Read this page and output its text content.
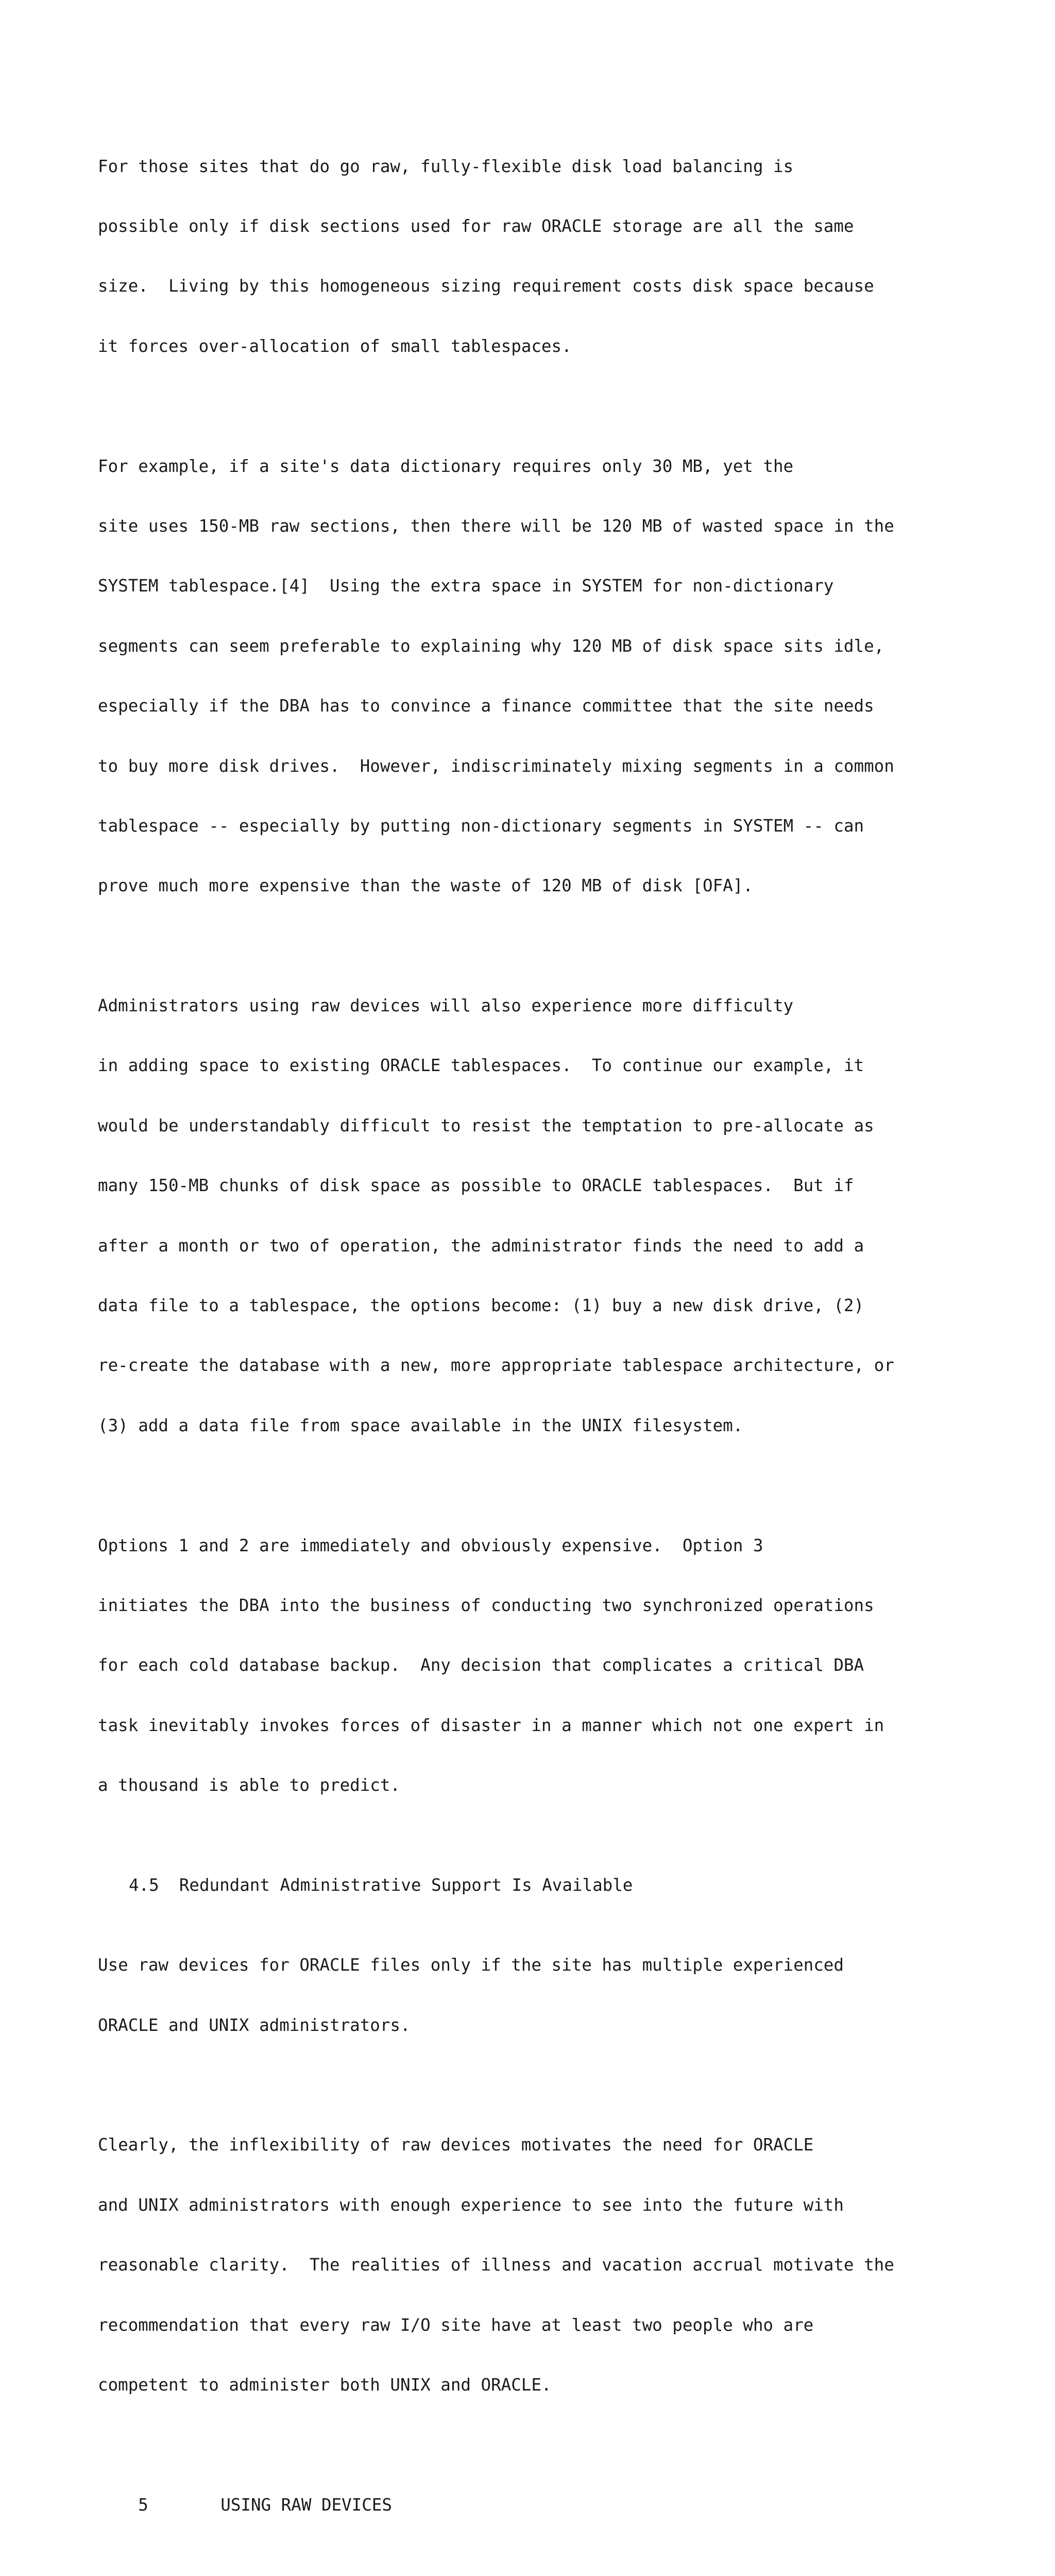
For those sites that do go raw, fully-flexible disk load balancing is

possible only if disk sections used for raw ORACLE storage are all the same

size.  Living by this homogeneous sizing requirement costs disk space because

it forces over-allocation of small tablespaces.

For example, if a site's data dictionary requires only 30 MB, yet the

site uses 150-MB raw sections, then there will be 120 MB of wasted space in the

SYSTEM tablespace.[4]  Using the extra space in SYSTEM for non-dictionary

segments can seem preferable to explaining why 120 MB of disk space sits idle,

especially if the DBA has to convince a finance committee that the site needs

to buy more disk drives.  However, indiscriminately mixing segments in a common

tablespace -- especially by putting non-dictionary segments in SYSTEM -- can

prove much more expensive than the waste of 120 MB of disk [OFA].

Administrators using raw devices will also experience more difficulty

in adding space to existing ORACLE tablespaces.  To continue our example, it

would be understandably difficult to resist the temptation to pre-allocate as

many 150-MB chunks of disk space as possible to ORACLE tablespaces.  But if

after a month or two of operation, the administrator finds the need to add a

data file to a tablespace, the options become: (1) buy a new disk drive, (2)

re-create the database with a new, more appropriate tablespace architecture, or

(3) add a data file from space available in the UNIX filesystem.

Options 1 and 2 are immediately and obviously expensive.  Option 3

initiates the DBA into the business of conducting two synchronized operations

for each cold database backup.  Any decision that complicates a critical DBA

task inevitably invokes forces of disaster in a manner which not one expert in

a thousand is able to predict.

4.5  Redundant Administrative Support Is Available

Use raw devices for ORACLE files only if the site has multiple experienced

ORACLE and UNIX administrators.

Clearly, the inflexibility of raw devices motivates the need for ORACLE

and UNIX administrators with enough experience to see into the future with

reasonable clarity.  The realities of illness and vacation accrual motivate the

recommendation that every raw I/O site have at least two people who are

competent to administer both UNIX and ORACLE.

5	USING RAW DEVICES
